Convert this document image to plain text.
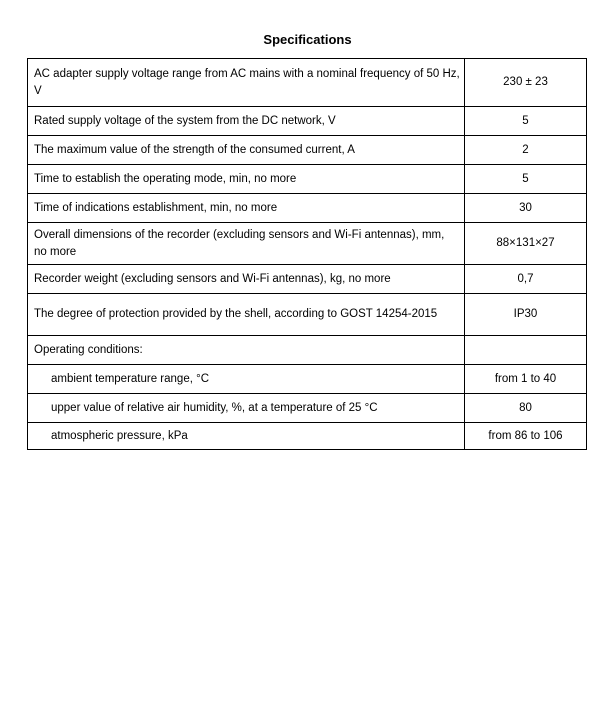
Specifications
AC adapter supply voltage range from AC mains with a nominal frequency of 50 Hz, V	230 ± 23

Rated supply voltage of the system from the DC network, V	5

The maximum value of the strength of the consumed current, A	2

Time to establish the operating mode, min, no more	5

Time of indications establishment, min, no more	30

Overall dimensions of the recorder (excluding sensors and Wi-Fi antennas), mm, no more	88×131×27

Recorder weight (excluding sensors and Wi-Fi antennas), kg, no more	0,7

The degree of protection provided by the shell, according to GOST 14254-2015	IP30

Operating conditions:	

ambient temperature range, °C	from 1 to 40

upper value of relative air humidity, %, at a temperature of 25 °C	80

atmospheric pressure, kPa	from 86 to 106
